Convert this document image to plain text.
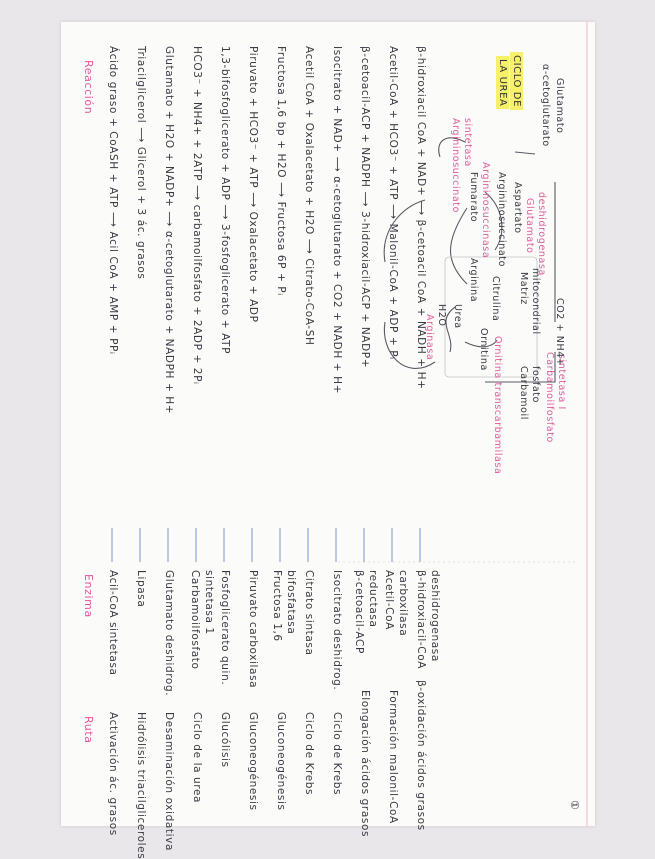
Reacción
Enzima
Ruta
Ácido graso + CoASH + ATP ⟶ Acil CoA + AMP + PPᵢ Triacilglicerol ⟶ Glicerol + 3 ác. grasos Glutamato + H2O + NADP+ ⟶ α-cetoglutarato + NADPH + H+ HCO3⁻ + NH4+ + 2ATP ⟶ carbamoilfosfato + 2ADP + 2Pᵢ 1,3-bifosfoglicerato + ADP ⟶ 3-fosfoglicerato + ATP Piruvato + HCO3⁻ + ATP ⟶ Oxalacetato + ADP Fructosa 1,6 bp + H2O ⟶ Fructosa 6P + Pᵢ Acetil CoA + Oxalacetato + H2O ⟶ Citrato-CoA-SH Isocitrato + NAD+ ⟶ α-cetoglutarato + CO2 + NADH + H+ β-cetoacil-ACP + NADPH ⟶ 3-hidroxiacil-ACP + NADP+ Acetil-CoA + HCO3⁻ + ATP ⟶ Malonil-CoA + ADP + Pᵢ β-hidroxiacil CoA + NAD+ ⟶ β-cetoacil CoA + NADH + H+
Acil-CoA sintetasa Lipasa Glutamato deshidrog. Carbamoilfosfato sintetasa 1 Fosfoglicerato quin. Piruvato carboxilasa Fructosa 1,6 bifosfatasa Citrato sintasa Isocitrato deshidrog. β-cetoacil-ACP reductasa Acetil-CoA carboxilasa β-hidroxiacil-CoA deshidrogenasa
Activación ác. grasos Hidrólisis triacilgliceroles Desaminación oxidativa Ciclo de la urea Glucólisis Gluconeogénesis Gluconeogénesis Ciclo de Krebs Ciclo de Krebs Elongación ácidos grasos Formación malonil-CoA β-oxidación ácidos grasos
CICLO DE
LA UREA
Fumarato Argininosuccinasa Argininosuccinato
Arginina
H2O Urea
Arginasa	Ornitina Ornitina transcarbamilasa
Citrulina
Argininosuccinato sintetasa
Aspartato
Matriz mitocondrial
Carbamoil fosfato Carbamoilfosfato sintetasa I
α-cetoglutarato Glutamato
Glutamato deshidrogenasa
CO2 + NH4+
①
